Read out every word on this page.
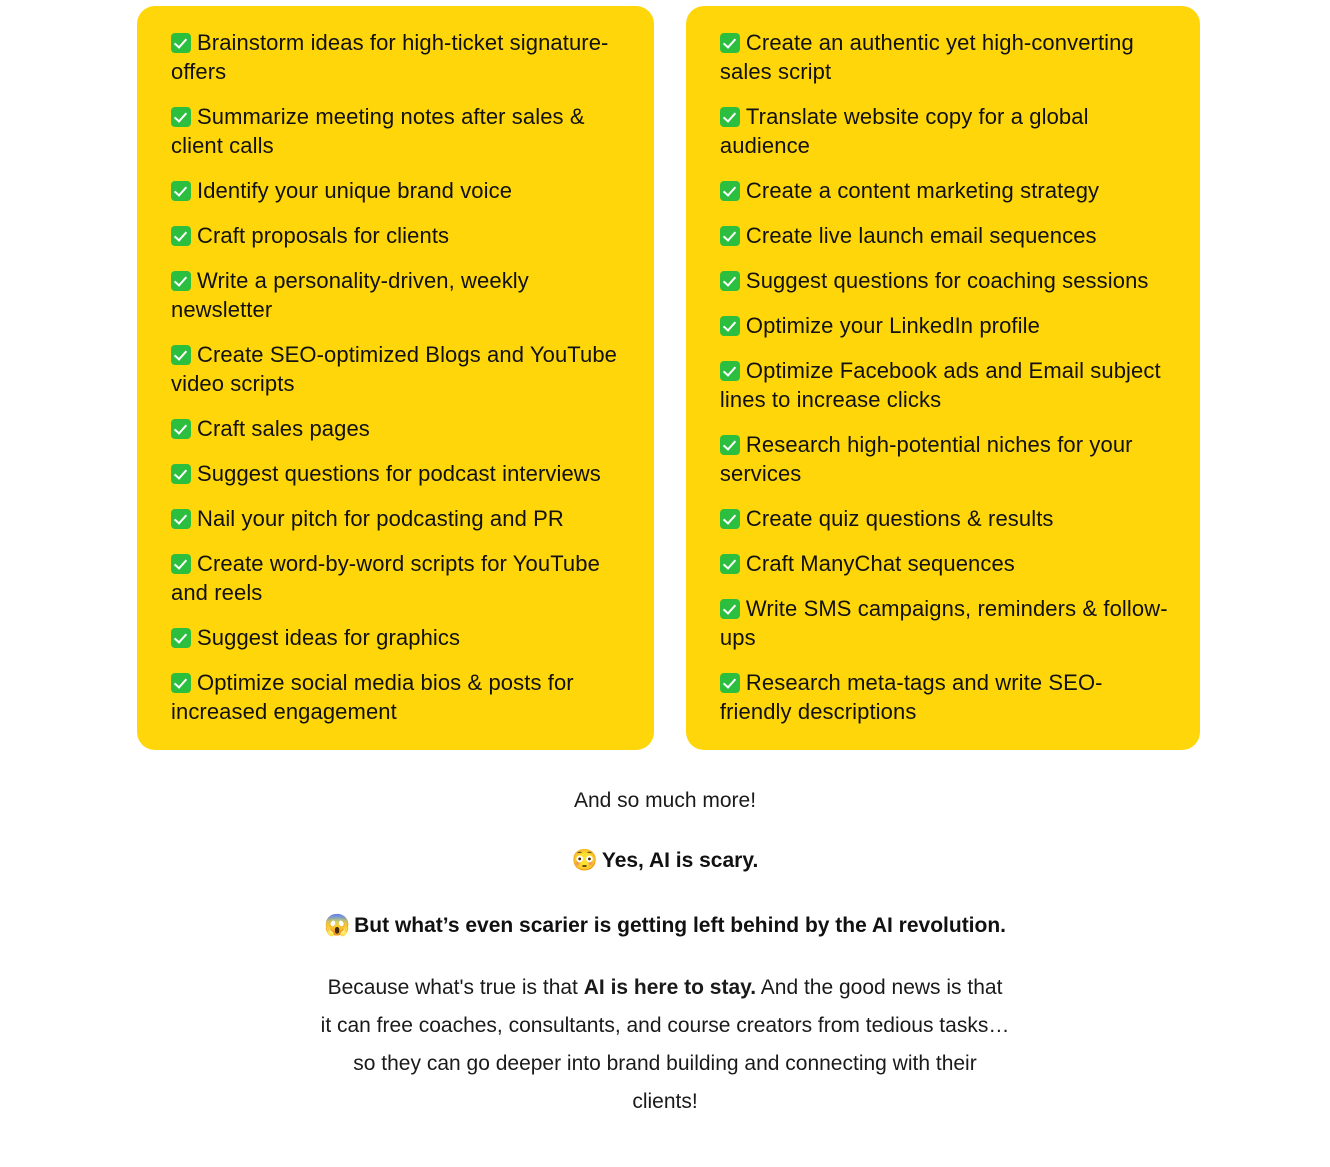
Brainstorm ideas for high-ticket signature-offers

Summarize meeting notes after sales & client calls

Identify your unique brand voice

Craft proposals for clients

Write a personality-driven, weekly newsletter

Create SEO-optimized Blogs and YouTube video scripts

Craft sales pages

Suggest questions for podcast interviews

Nail your pitch for podcasting and PR

Create word-by-word scripts for YouTube and reels

Suggest ideas for graphics

Optimize social media bios & posts for increased engagement

Create an authentic yet high-converting sales script

Translate website copy for a global audience

Create a content marketing strategy

Create live launch email sequences

Suggest questions for coaching sessions

Optimize your LinkedIn profile

Optimize Facebook ads and Email subject lines to increase clicks

Research high-potential niches for your services

Create quiz questions & results

Craft ManyChat sequences

Write SMS campaigns, reminders & follow-ups

Research meta-tags and write SEO-friendly descriptions

And so much more!
😳 Yes, AI is scary.
😱 But what’s even scarier is getting left behind by the AI revolution.
Because what's true is that AI is here to stay. And the good news is that it can free coaches, consultants, and course creators from tedious tasks… so they can go deeper into brand building and connecting with their clients!
